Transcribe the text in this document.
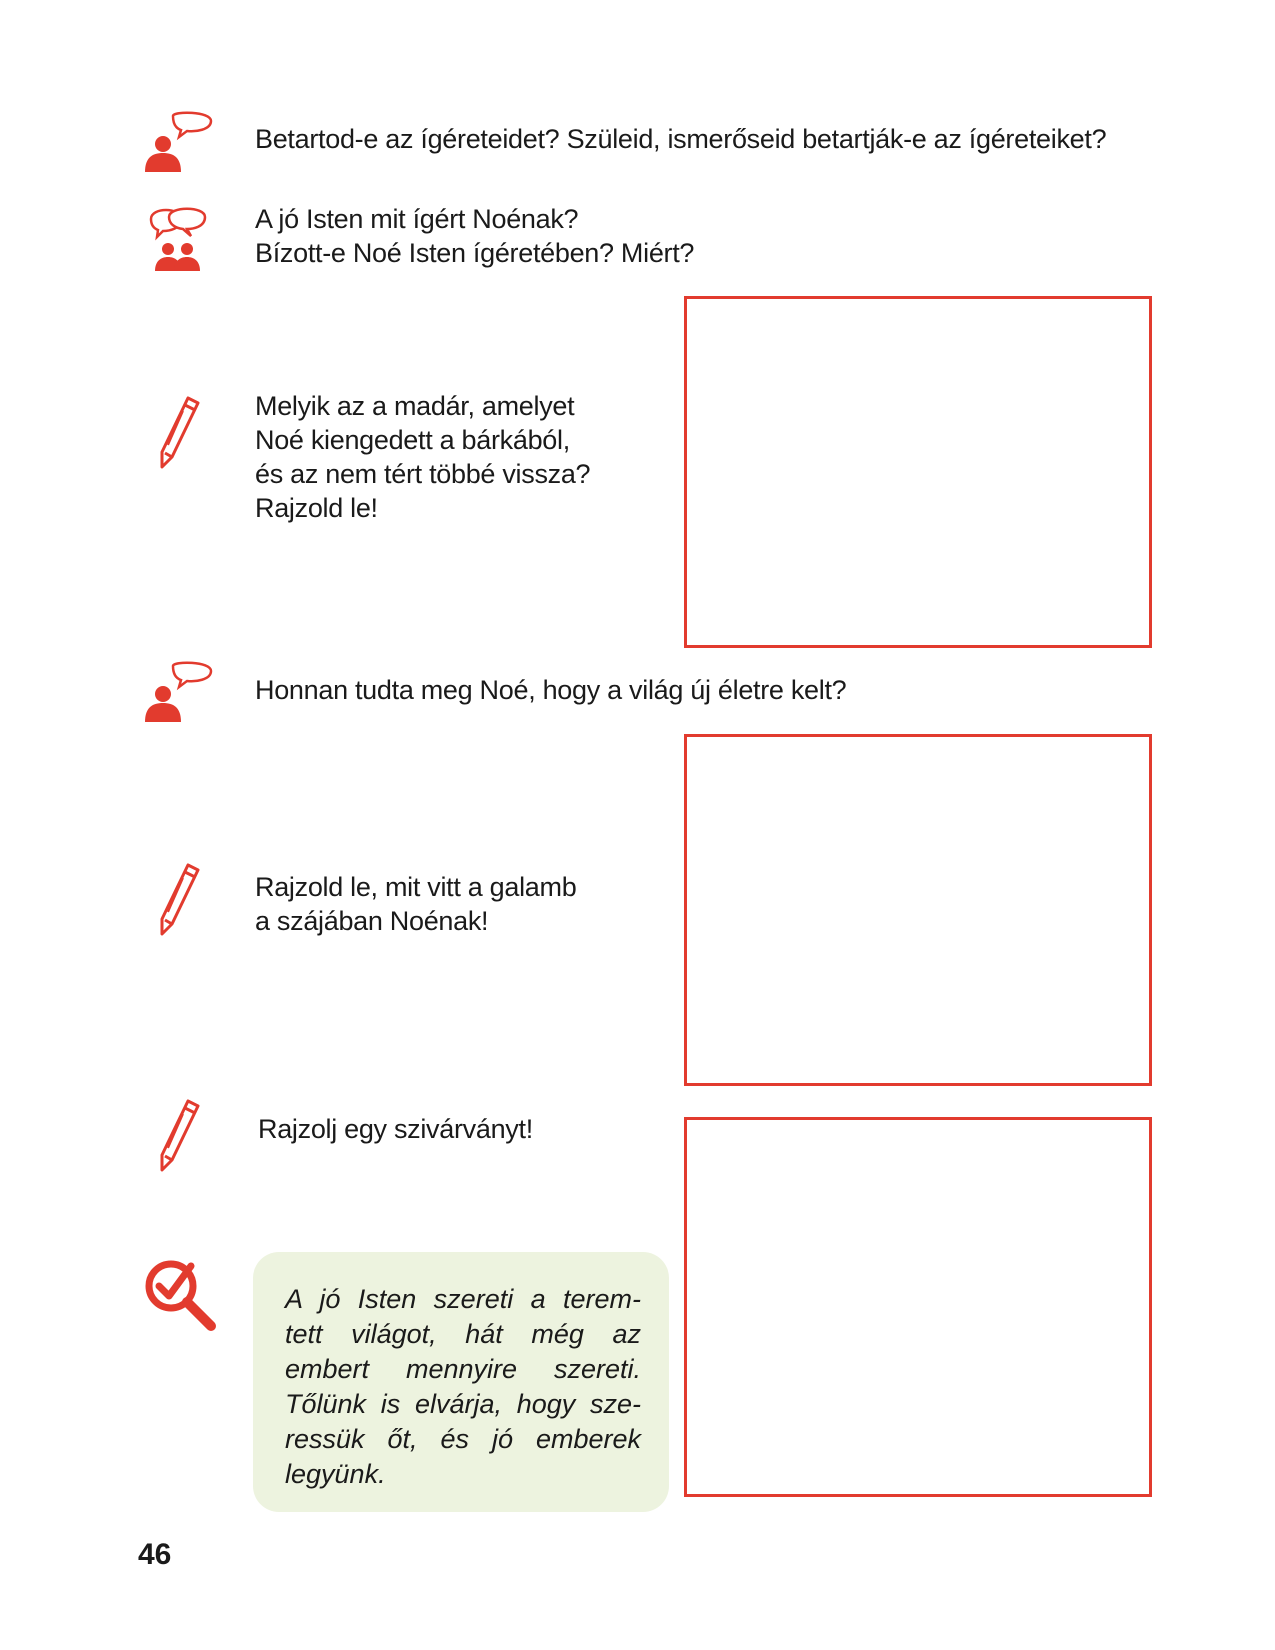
Betartod-e az ígéreteidet? Szüleid, ismerőseid betartják-e az ígéreteiket?
A jó Isten mit ígért Noénak?
Bízott-e Noé Isten ígéretében? Miért?
Melyik az a madár, amelyet
Noé kiengedett a bárkából,
és az nem tért többé vissza?
Rajzold le!
Honnan tudta meg Noé, hogy a világ új életre kelt?
Rajzold le, mit vitt a galamb
a szájában Noénak!
Rajzolj egy szivárványt!
A jó Isten szereti a terem-
tett világot, hát még az
embert mennyire szereti.
Tőlünk is elvárja, hogy sze-
ressük őt, és jó emberek
legyünk.
46
